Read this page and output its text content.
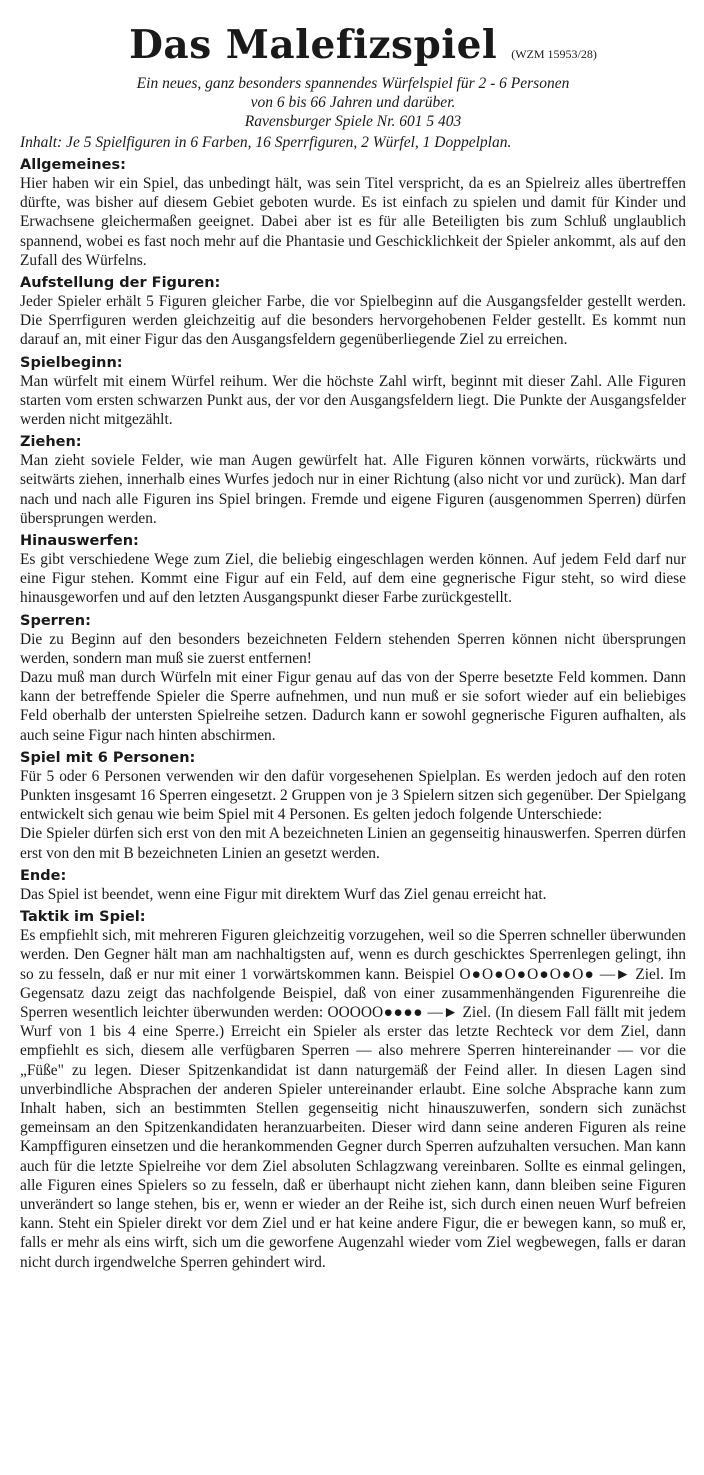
Das Malefizspiel (WZM 15953/28)
Ein neues, ganz besonders spannendes Würfelspiel für 2 - 6 Personen
von 6 bis 66 Jahren und darüber.
Ravensburger Spiele Nr. 601 5 403
Inhalt: Je 5 Spielfiguren in 6 Farben, 16 Sperrfiguren, 2 Würfel, 1 Doppelplan.
Allgemeines:

Hier haben wir ein Spiel, das unbedingt hält, was sein Titel verspricht, da es an Spielreiz alles übertreffen dürfte, was bisher auf diesem Gebiet geboten wurde. Es ist einfach zu spielen und damit für Kinder und Erwachsene gleichermaßen geeignet. Dabei aber ist es für alle Beteiligten bis zum Schluß unglaublich spannend, wobei es fast noch mehr auf die Phantasie und Geschicklichkeit der Spieler ankommt, als auf den Zufall des Würfelns.

Aufstellung der Figuren:

Jeder Spieler erhält 5 Figuren gleicher Farbe, die vor Spielbeginn auf die Ausgangsfelder gestellt werden. Die Sperrfiguren werden gleichzeitig auf die besonders hervorgehobenen Felder gestellt. Es kommt nun darauf an, mit einer Figur das den Ausgangsfeldern gegenüberliegende Ziel zu erreichen.

Spielbeginn:

Man würfelt mit einem Würfel reihum. Wer die höchste Zahl wirft, beginnt mit dieser Zahl. Alle Figuren starten vom ersten schwarzen Punkt aus, der vor den Ausgangsfeldern liegt. Die Punkte der Ausgangsfelder werden nicht mitgezählt.

Ziehen:

Man zieht soviele Felder, wie man Augen gewürfelt hat. Alle Figuren können vorwärts, rückwärts und seitwärts ziehen, innerhalb eines Wurfes jedoch nur in einer Richtung (also nicht vor und zurück). Man darf nach und nach alle Figuren ins Spiel bringen. Fremde und eigene Figuren (ausgenommen Sperren) dürfen übersprungen werden.

Hinauswerfen:

Es gibt verschiedene Wege zum Ziel, die beliebig eingeschlagen werden können. Auf jedem Feld darf nur eine Figur stehen. Kommt eine Figur auf ein Feld, auf dem eine gegnerische Figur steht, so wird diese hinausgeworfen und auf den letzten Ausgangspunkt dieser Farbe zurückgestellt.

Sperren:

Die zu Beginn auf den besonders bezeichneten Feldern stehenden Sperren können nicht übersprungen werden, sondern man muß sie zuerst entfernen!

Dazu muß man durch Würfeln mit einer Figur genau auf das von der Sperre besetzte Feld kommen. Dann kann der betreffende Spieler die Sperre aufnehmen, und nun muß er sie sofort wieder auf ein beliebiges Feld oberhalb der untersten Spielreihe setzen. Dadurch kann er sowohl gegnerische Figuren aufhalten, als auch seine Figur nach hinten abschirmen.

Spiel mit 6 Personen:

Für 5 oder 6 Personen verwenden wir den dafür vorgesehenen Spielplan. Es werden jedoch auf den roten Punkten insgesamt 16 Sperren eingesetzt. 2 Gruppen von je 3 Spielern sitzen sich gegenüber. Der Spielgang entwickelt sich genau wie beim Spiel mit 4 Personen. Es gelten jedoch folgende Unterschiede:

Die Spieler dürfen sich erst von den mit A bezeichneten Linien an gegenseitig hinauswerfen. Sperren dürfen erst von den mit B bezeichneten Linien an gesetzt werden.

Ende:

Das Spiel ist beendet, wenn eine Figur mit direktem Wurf das Ziel genau erreicht hat.

Taktik im Spiel:

Es empfiehlt sich, mit mehreren Figuren gleichzeitig vorzugehen, weil so die Sperren schneller überwunden werden. Den Gegner hält man am nachhaltigsten auf, wenn es durch geschicktes Sperrenlegen gelingt, ihn so zu fesseln, daß er nur mit einer 1 vorwärtskommen kann. Beispiel O●O●O●O●O●O● —► Ziel. Im Gegensatz dazu zeigt das nachfolgende Beispiel, daß von einer zusammenhängenden Figurenreihe die Sperren wesentlich leichter überwunden werden: OOOOO●●●● —► Ziel. (In diesem Fall fällt mit jedem Wurf von 1 bis 4 eine Sperre.) Erreicht ein Spieler als erster das letzte Rechteck vor dem Ziel, dann empfiehlt es sich, diesem alle verfügbaren Sperren — also mehrere Sperren hintereinander — vor die „Füße" zu legen. Dieser Spitzenkandidat ist dann naturgemäß der Feind aller. In diesen Lagen sind unverbindliche Absprachen der anderen Spieler untereinander erlaubt. Eine solche Absprache kann zum Inhalt haben, sich an bestimmten Stellen gegenseitig nicht hinauszuwerfen, sondern sich zunächst gemeinsam an den Spitzenkandidaten heranzuarbeiten. Dieser wird dann seine anderen Figuren als reine Kampffiguren einsetzen und die herankommenden Gegner durch Sperren aufzuhalten versuchen. Man kann auch für die letzte Spielreihe vor dem Ziel absoluten Schlagzwang vereinbaren. Sollte es einmal gelingen, alle Figuren eines Spielers so zu fesseln, daß er überhaupt nicht ziehen kann, dann bleiben seine Figuren unverändert so lange stehen, bis er, wenn er wieder an der Reihe ist, sich durch einen neuen Wurf befreien kann. Steht ein Spieler direkt vor dem Ziel und er hat keine andere Figur, die er bewegen kann, so muß er, falls er mehr als eins wirft, sich um die geworfene Augenzahl wieder vom Ziel wegbewegen, falls er daran nicht durch irgendwelche Sperren gehindert wird.
